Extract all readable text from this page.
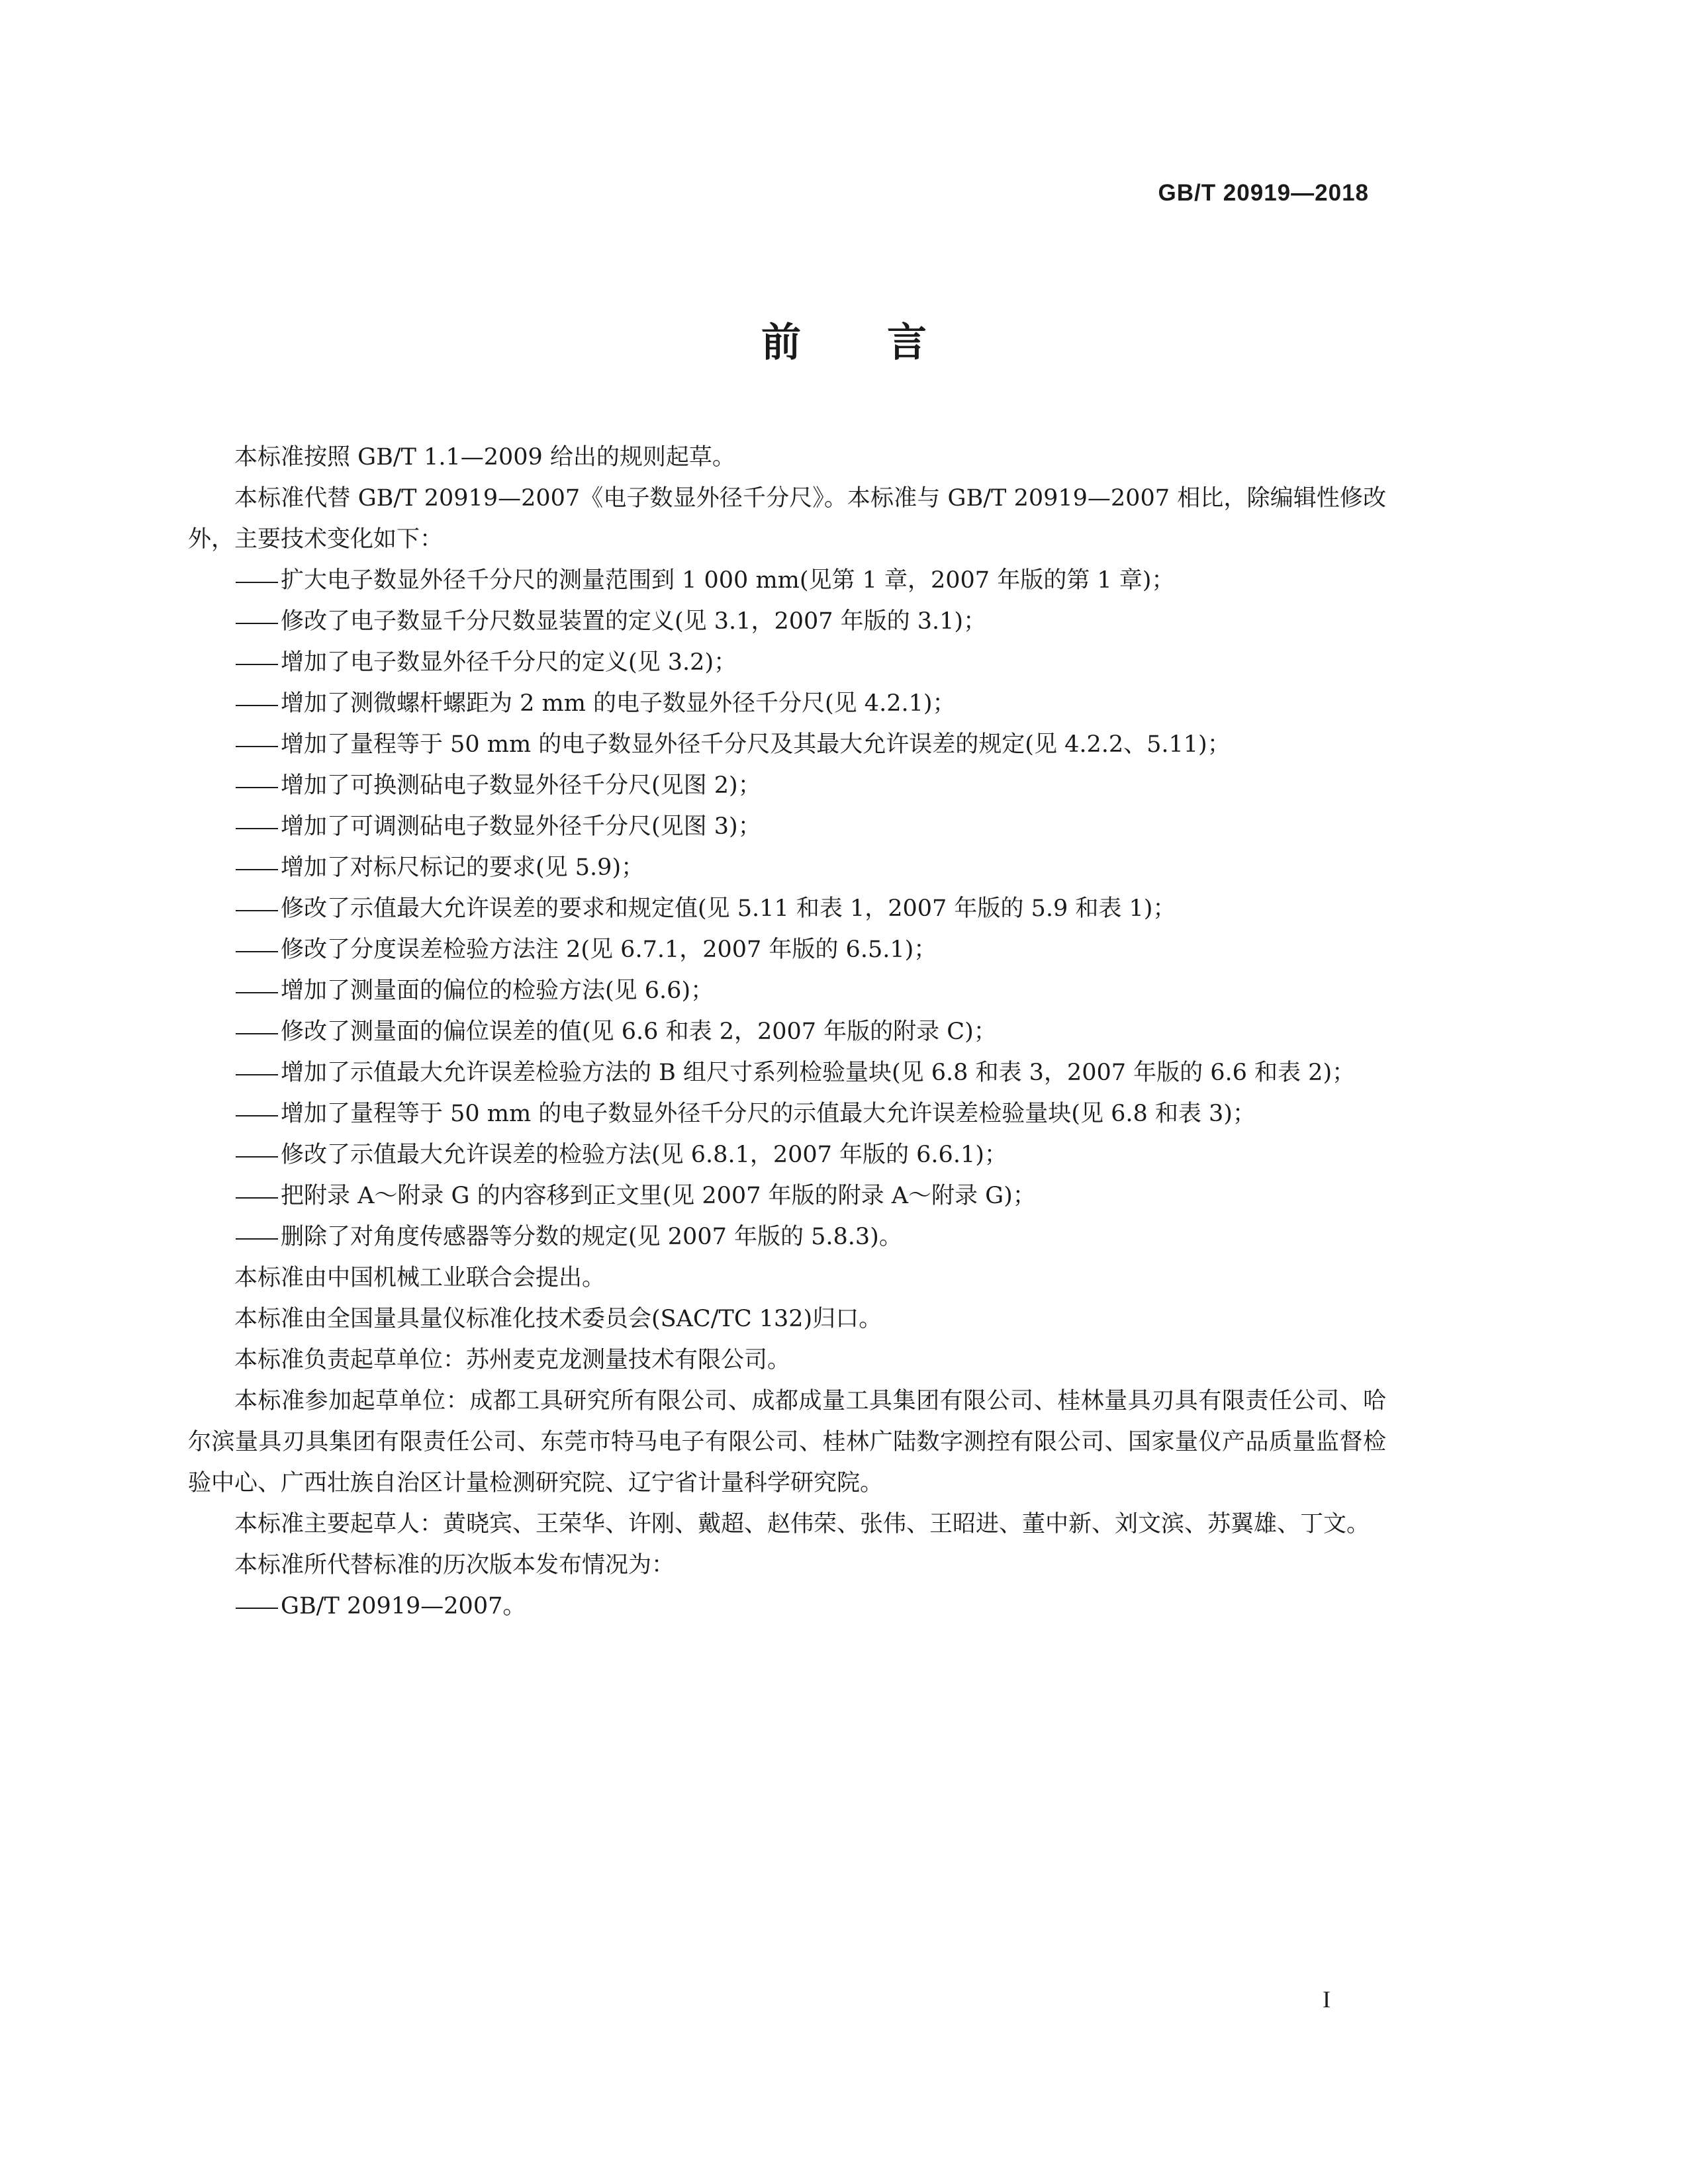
GB/T 20919—2018
前言

本标准按照 GB/T 1.1—2009 给出的规则起草。

本标准代替 GB/T 20919—2007《电子数显外径千分尺》。本标准与 GB/T 20919—2007 相比，除编辑性修改外，主要技术变化如下：

扩大电子数显外径千分尺的测量范围到 1 000 mm(见第 1 章，2007 年版的第 1 章)；

修改了电子数显千分尺数显装置的定义(见 3.1，2007 年版的 3.1)；

增加了电子数显外径千分尺的定义(见 3.2)；

增加了测微螺杆螺距为 2 mm 的电子数显外径千分尺(见 4.2.1)；

增加了量程等于 50 mm 的电子数显外径千分尺及其最大允许误差的规定(见 4.2.2、5.11)；

增加了可换测砧电子数显外径千分尺(见图 2)；

增加了可调测砧电子数显外径千分尺(见图 3)；

增加了对标尺标记的要求(见 5.9)；

修改了示值最大允许误差的要求和规定值(见 5.11 和表 1，2007 年版的 5.9 和表 1)；

修改了分度误差检验方法注 2(见 6.7.1，2007 年版的 6.5.1)；

增加了测量面的偏位的检验方法(见 6.6)；

修改了测量面的偏位误差的值(见 6.6 和表 2，2007 年版的附录 C)；

增加了示值最大允许误差检验方法的 B 组尺寸系列检验量块(见 6.8 和表 3，2007 年版的 6.6 和表 2)；

增加了量程等于 50 mm 的电子数显外径千分尺的示值最大允许误差检验量块(见 6.8 和表 3)；

修改了示值最大允许误差的检验方法(见 6.8.1，2007 年版的 6.6.1)；

把附录 A～附录 G 的内容移到正文里(见 2007 年版的附录 A～附录 G)；

删除了对角度传感器等分数的规定(见 2007 年版的 5.8.3)。

本标准由中国机械工业联合会提出。

本标准由全国量具量仪标准化技术委员会(SAC/TC 132)归口。

本标准负责起草单位：苏州麦克龙测量技术有限公司。

本标准参加起草单位：成都工具研究所有限公司、成都成量工具集团有限公司、桂林量具刃具有限责任公司、哈尔滨量具刃具集团有限责任公司、东莞市特马电子有限公司、桂林广陆数字测控有限公司、国家量仪产品质量监督检验中心、广西壮族自治区计量检测研究院、辽宁省计量科学研究院。

本标准主要起草人：黄晓宾、王荣华、许刚、戴超、赵伟荣、张伟、王昭进、董中新、刘文滨、苏翼雄、丁文。

本标准所代替标准的历次版本发布情况为：

GB/T 20919—2007。

I
